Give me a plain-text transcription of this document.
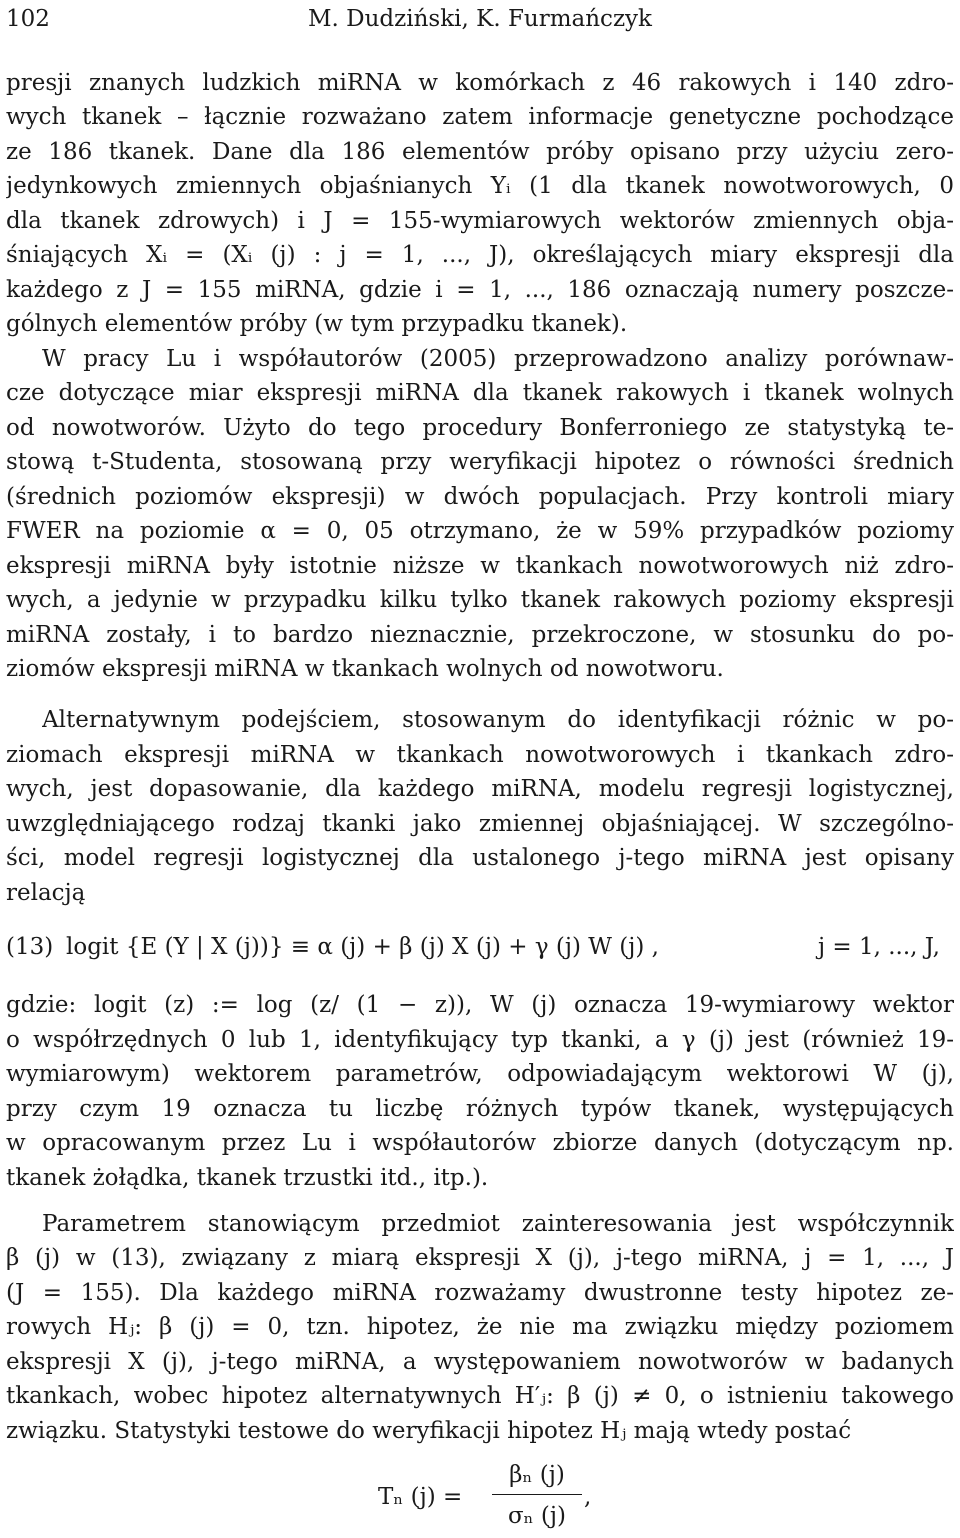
102	M. Dudziński, K. Furmańczyk
presji znanych ludzkich miRNA w komórkach z 46 rakowych i 140 zdro-
wych tkanek – łącznie rozważano zatem informacje genetyczne pochodzące
ze 186 tkanek. Dane dla 186 elementów próby opisano przy użyciu zero-
jedynkowych zmiennych objaśnianych Yᵢ (1 dla tkanek nowotworowych, 0
dla tkanek zdrowych) i J = 155-wymiarowych wektorów zmiennych obja-
śniających Xᵢ = (Xᵢ (j) : j = 1, ..., J), określających miary ekspresji dla
każdego z J = 155 miRNA, gdzie i = 1, ..., 186 oznaczają numery poszcze-
gólnych elementów próby (w tym przypadku tkanek).
W pracy Lu i współautorów (2005) przeprowadzono analizy porównaw-
cze dotyczące miar ekspresji miRNA dla tkanek rakowych i tkanek wolnych
od nowotworów. Użyto do tego procedury Bonferroniego ze statystyką te-
stową t-Studenta, stosowaną przy weryfikacji hipotez o równości średnich
(średnich poziomów ekspresji) w dwóch populacjach. Przy kontroli miary
FWER na poziomie α = 0, 05 otrzymano, że w 59% przypadków poziomy
ekspresji miRNA były istotnie niższe w tkankach nowotworowych niż zdro-
wych, a jedynie w przypadku kilku tylko tkanek rakowych poziomy ekspresji
miRNA zostały, i to bardzo nieznacznie, przekroczone, w stosunku do po-
ziomów ekspresji miRNA w tkankach wolnych od nowotworu.
Alternatywnym podejściem, stosowanym do identyfikacji różnic w po-
ziomach ekspresji miRNA w tkankach nowotworowych i tkankach zdro-
wych, jest dopasowanie, dla każdego miRNA, modelu regresji logistycznej,
uwzględniającego rodzaj tkanki jako zmiennej objaśniającej. W szczególno-
ści, model regresji logistycznej dla ustalonego j-tego miRNA jest opisany
relacją
(13) logit {E (Y | X (j))} ≡ α (j) + β (j) X (j) + γ (j) W (j) ,	j = 1, ..., J,
gdzie: logit (z) := log (z/ (1 − z)), W (j) oznacza 19-wymiarowy wektor
o współrzędnych 0 lub 1, identyfikujący typ tkanki, a γ (j) jest (również 19-
wymiarowym) wektorem parametrów, odpowiadającym wektorowi W (j),
przy czym 19 oznacza tu liczbę różnych typów tkanek, występujących
w opracowanym przez Lu i współautorów zbiorze danych (dotyczącym np.
tkanek żołądka, tkanek trzustki itd., itp.).
Parametrem stanowiącym przedmiot zainteresowania jest współczynnik
β (j) w (13), związany z miarą ekspresji X (j), j-tego miRNA, j = 1, ..., J
(J = 155). Dla każdego miRNA rozważamy dwustronne testy hipotez ze-
rowych Hⱼ: β (j) = 0, tzn. hipotez, że nie ma związku między poziomem
ekspresji X (j), j-tego miRNA, a występowaniem nowotworów w badanych
tkankach, wobec hipotez alternatywnych H′ⱼ: β (j) ≠ 0, o istnieniu takowego
związku. Statystyki testowe do weryfikacji hipotez Hⱼ mają wtedy postać
Tₙ (j) =
βₙ (j)
σₙ (j)
,
